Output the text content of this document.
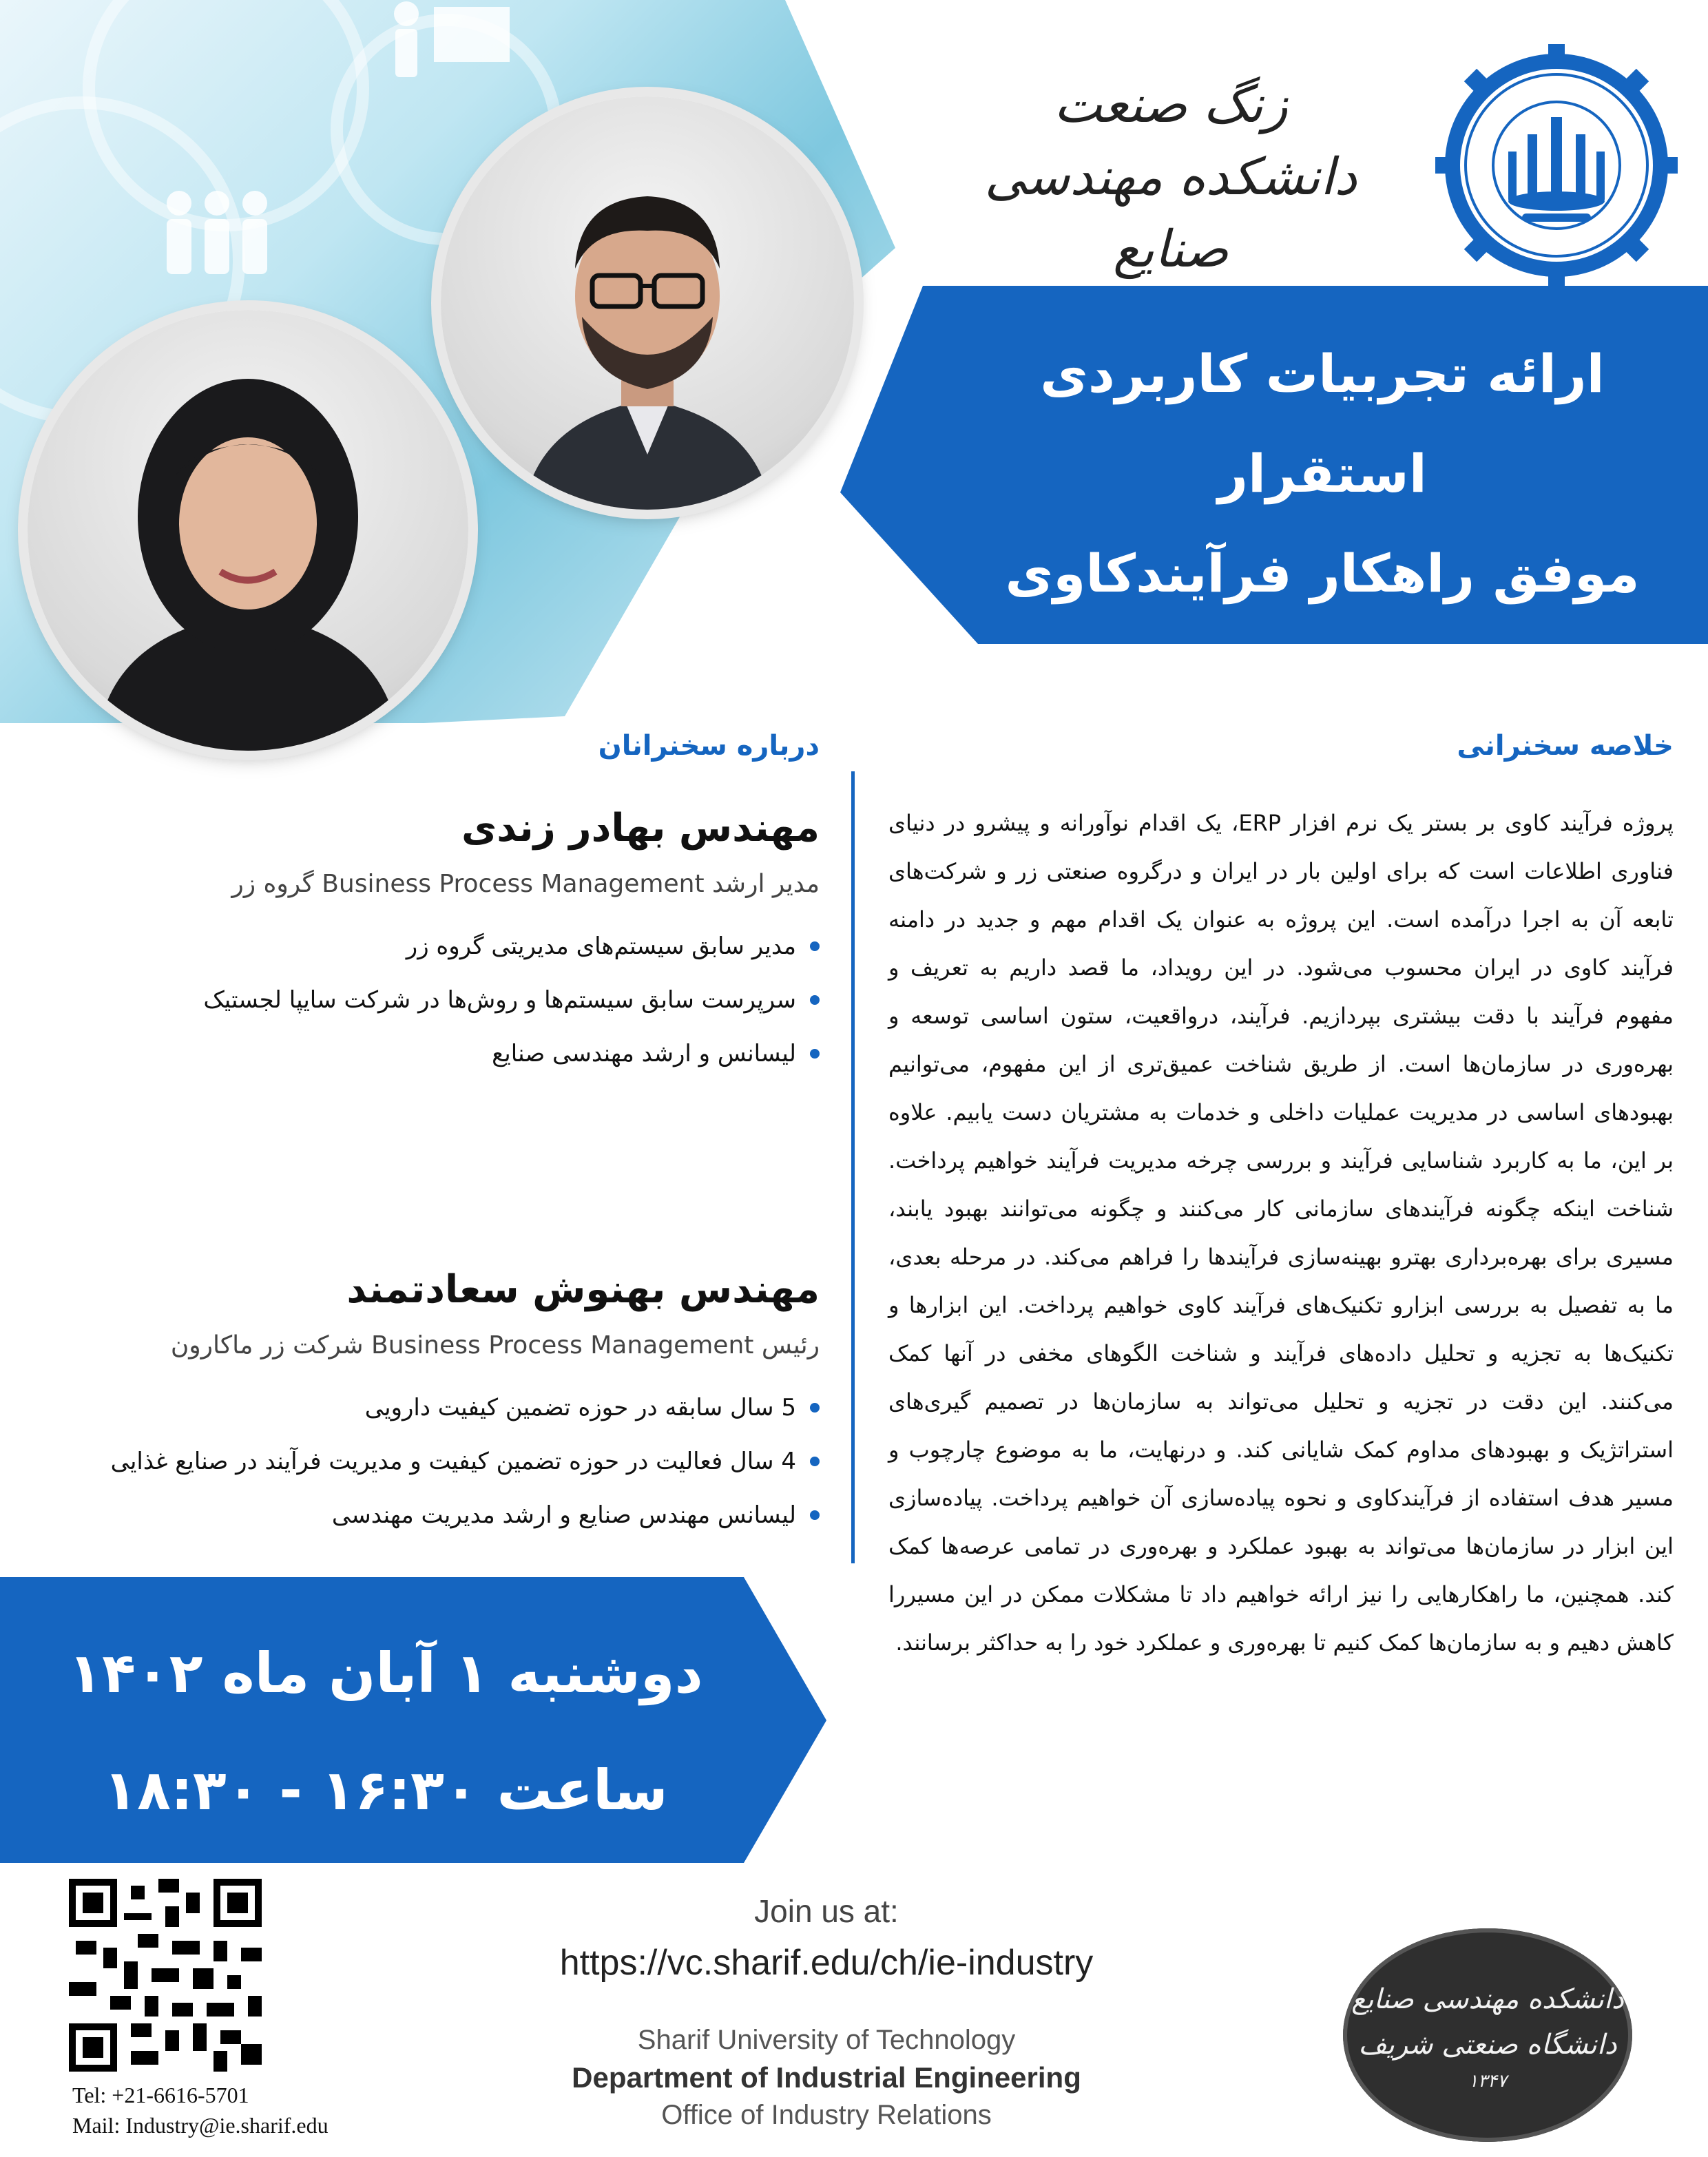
زنگ صنعت
دانشکده مهندسی صنایع
ارائه تجربیات کاربردی استقرار
موفق راهکار فرآیندکاوی
در گروه صنعتی پژوهشی زر	خلاصه سخنرانی
پروژه فرآیند کاوی بر بستر یک نرم افزار ERP، یک اقدام نوآورانه و پیشرو در دنیای فناوری اطلاعات است که برای اولین بار در ایران و درگروه صنعتی زر و شرکت‌های تابعه آن به اجرا درآمده است. این پروژه به عنوان یک اقدام مهم و جدید در دامنه فرآیند کاوی در ایران محسوب می‌شود. در این رویداد، ما قصد داریم به تعریف و مفهوم فرآیند با دقت بیشتری بپردازیم. فرآیند، درواقعیت، ستون اساسی توسعه و بهره‌وری در سازمان‌ها است. از طریق شناخت عمیق‌تری از این مفهوم، می‌توانیم بهبودهای اساسی در مدیریت عملیات داخلی و خدمات به مشتریان دست یابیم. علاوه بر این، ما به کاربرد شناسایی فرآیند و بررسی چرخه مدیریت فرآیند خواهیم پرداخت. شناخت اینکه چگونه فرآیندهای سازمانی کار می‌کنند و چگونه می‌توانند بهبود یابند، مسیری برای بهره‌برداری بهترو بهینه‌سازی فرآیندها را فراهم می‌کند. در مرحله بعدی، ما به تفصیل به بررسی ابزارو تکنیک‌های فرآیند کاوی خواهیم پرداخت. این ابزارها و تکنیک‌ها به تجزیه و تحلیل داده‌های فرآیند و شناخت الگوهای مخفی در آنها کمک می‌کنند. این دقت در تجزیه و تحلیل می‌تواند به سازمان‌ها در تصمیم گیری‌های استراتژیک و بهبودهای مداوم کمک شایانی کند. و درنهایت، ما به موضوع چارچوب و مسیر هدف استفاده از فرآیندکاوی و نحوه پیاده‌سازی آن خواهیم پرداخت. پیاده‌سازی این ابزار در سازمان‌ها می‌تواند به بهبود عملکرد و بهره‌وری در تمامی عرصه‌ها کمک کند. همچنین، ما راهکارهایی را نیز ارائه خواهیم داد تا مشکلات ممکن در این مسیررا کاهش دهیم و به سازمان‌ها کمک کنیم تا بهره‌وری و عملکرد خود را به حداکثر برسانند.
درباره سخنرانان
مهندس بهادر زندی
مدیر ارشد Business Process Management گروه زر
مدیر سابق سیستم‌های مدیریتی گروه زر
سرپرست سابق سیستم‌ها و روش‌ها در شرکت سایپا لجستیک
لیسانس و ارشد مهندسی صنایع
مهندس بهنوش سعادتمند
رئیس Business Process Management شرکت زر ماکارون
5 سال سابقه در حوزه تضمین کیفیت دارویی
4 سال فعالیت در حوزه تضمین کیفیت و مدیریت فرآیند در صنایع غذایی
لیسانس مهندس صنایع و ارشد مدیریت مهندسی
دوشنبه ۱ آبان ماه ۱۴۰۲
ساعت ۱۶:۳۰ - ۱۸:۳۰
Tel: +21-6616-5701
Mail: Industry@ie.sharif.edu
Join us at:
https://vc.sharif.edu/ch/ie-industry
Sharif University of Technology
Department of Industrial Engineering
Office of Industry Relations
دانشکده مهندسی صنایع
دانشگاه صنعتی شریف
۱۳۴۷
